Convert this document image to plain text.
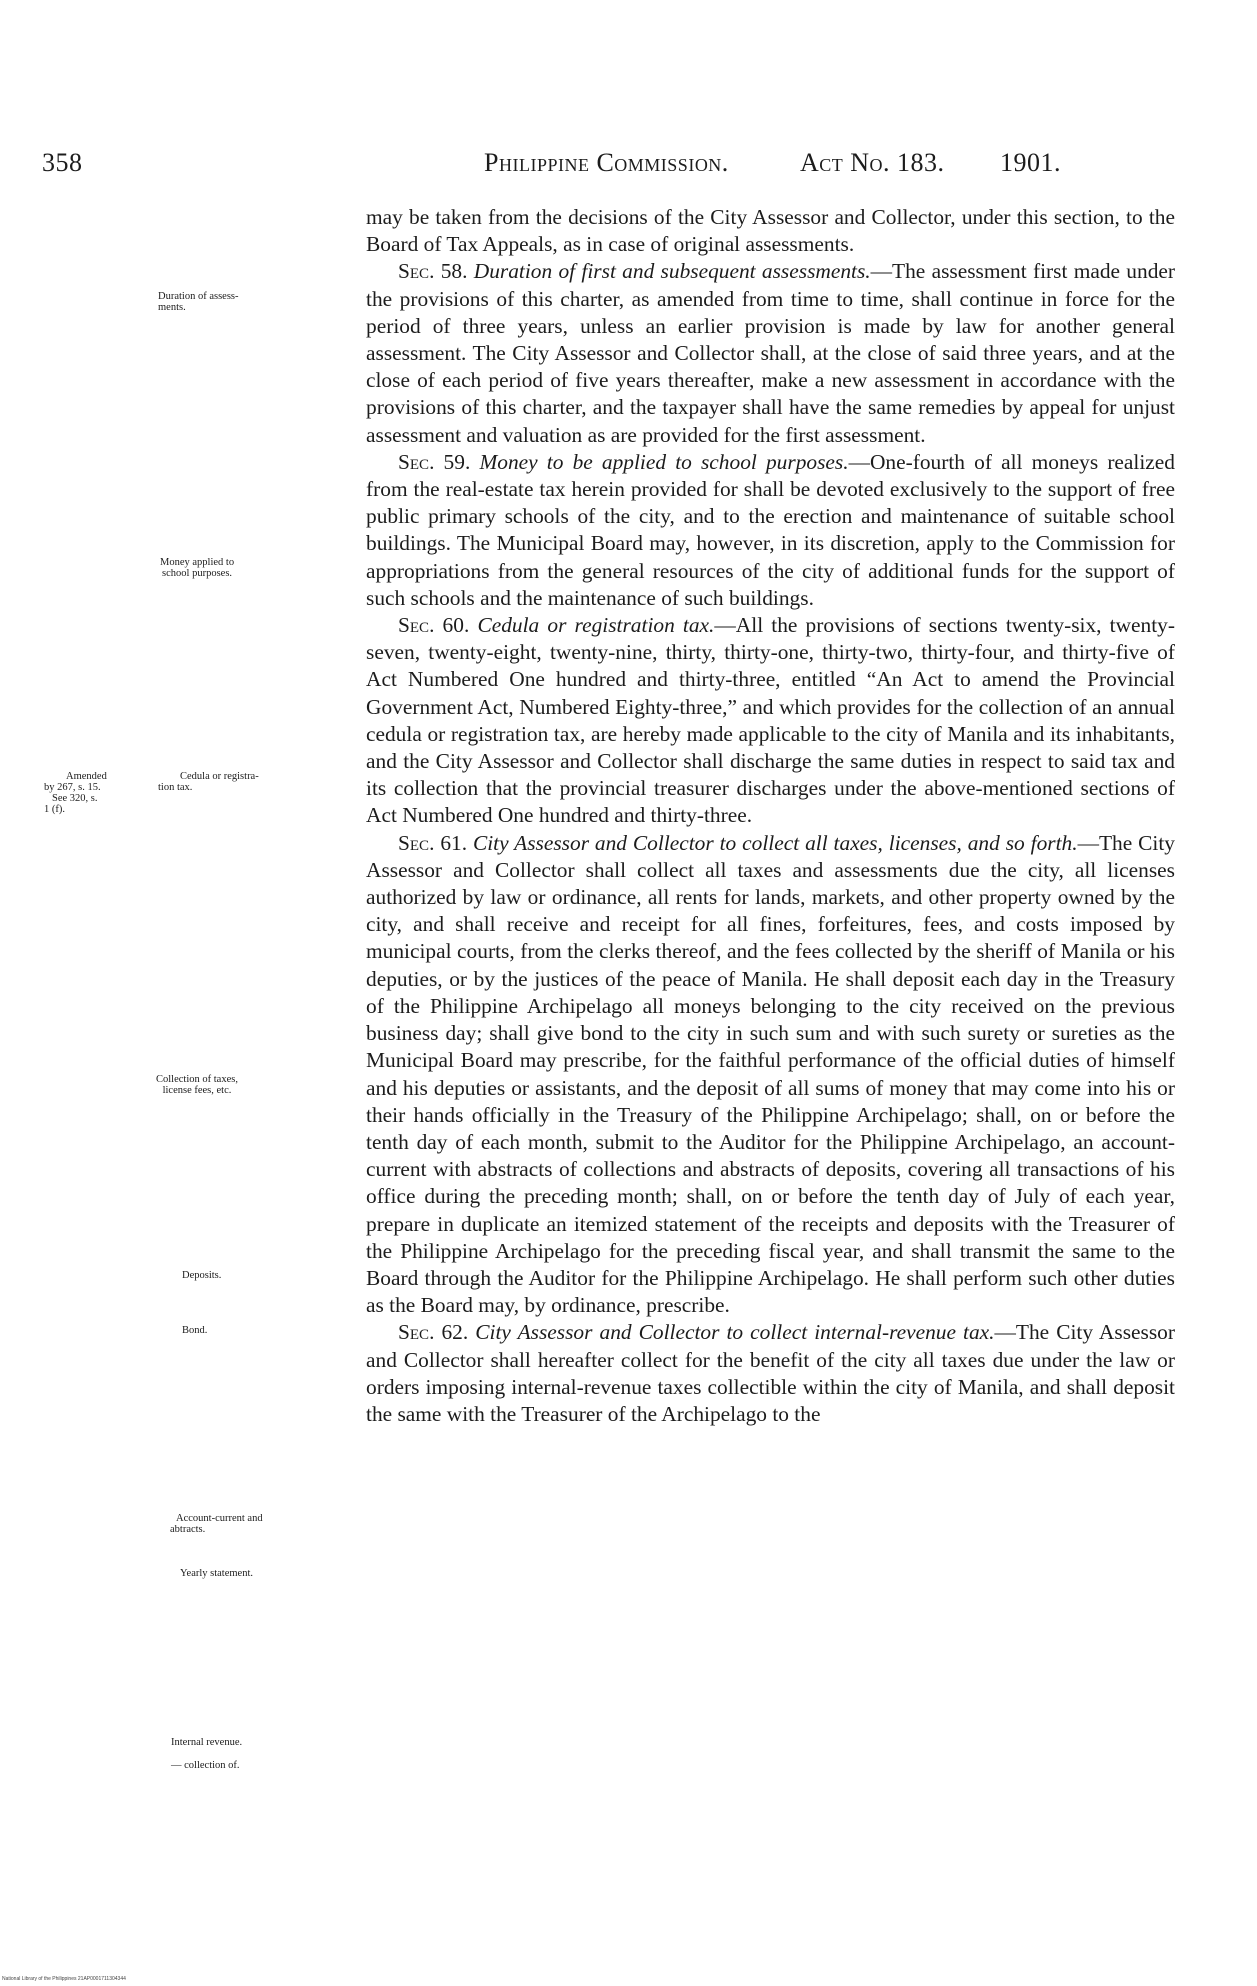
358	Philippine Commission.	Act No. 183. 1901.
Duration of assess-
ments.
Money applied to
school purposes.
Amended
by 267, s. 15.
See 320, s.
1 (f).
Cedula or registra-
tion tax.
Collection of taxes,
license fees, etc.
Deposits.
Bond.
Account-current and
abtracts.
Yearly statement.
Internal revenue.
— collection of.

may be taken from the decisions of the City Assessor and Collector, under this section, to the Board of Tax Appeals, as in case of original assessments.

Sec. 58. Duration of first and subsequent assessments.—The assessment first made under the provisions of this charter, as amended from time to time, shall continue in force for the period of three years, unless an earlier provision is made by law for another general assessment. The City Assessor and Collector shall, at the close of said three years, and at the close of each period of five years thereafter, make a new assessment in accordance with the provisions of this charter, and the taxpayer shall have the same remedies by appeal for unjust assessment and valuation as are provided for the first assessment.

Sec. 59. Money to be applied to school purposes.—One-fourth of all moneys realized from the real-estate tax herein provided for shall be devoted exclusively to the support of free public primary schools of the city, and to the erection and maintenance of suitable school buildings. The Municipal Board may, however, in its discretion, apply to the Commission for appropriations from the general resources of the city of additional funds for the support of such schools and the maintenance of such buildings.

Sec. 60. Cedula or registration tax.—All the provisions of sections twenty-six, twenty-seven, twenty-eight, twenty-nine, thirty, thirty-one, thirty-two, thirty-four, and thirty-five of Act Numbered One hundred and thirty-three, entitled “An Act to amend the Provincial Government Act, Numbered Eighty-three,” and which provides for the collection of an annual cedula or registration tax, are hereby made applicable to the city of Manila and its inhabitants, and the City Assessor and Collector shall discharge the same duties in respect to said tax and its collection that the provincial treasurer discharges under the above-mentioned sections of Act Numbered One hundred and thirty-three.

Sec. 61. City Assessor and Collector to collect all taxes, licenses, and so forth.—The City Assessor and Collector shall collect all taxes and assessments due the city, all licenses authorized by law or ordinance, all rents for lands, markets, and other property owned by the city, and shall receive and receipt for all fines, forfeitures, fees, and costs imposed by municipal courts, from the clerks thereof, and the fees collected by the sheriff of Manila or his deputies, or by the justices of the peace of Manila. He shall deposit each day in the Treasury of the Philippine Archipelago all moneys belonging to the city received on the previous business day; shall give bond to the city in such sum and with such surety or sureties as the Municipal Board may prescribe, for the faithful performance of the official duties of himself and his deputies or assistants, and the deposit of all sums of money that may come into his or their hands officially in the Treasury of the Philippine Archipelago; shall, on or before the tenth day of each month, submit to the Auditor for the Philippine Archipelago, an account-current with abstracts of collections and abstracts of deposits, covering all transactions of his office during the preceding month; shall, on or before the tenth day of July of each year, prepare in duplicate an itemized statement of the receipts and deposits with the Treasurer of the Philippine Archipelago for the preceding fiscal year, and shall transmit the same to the Board through the Auditor for the Philippine Archipelago. He shall perform such other duties as the Board may, by ordinance, prescribe.

Sec. 62. City Assessor and Collector to collect internal-revenue tax.—The City Assessor and Collector shall hereafter collect for the benefit of the city all taxes due under the law or orders imposing internal-revenue taxes collectible within the city of Manila, and shall deposit the same with the Treasurer of the Archipelago to the

National Library of the Philippines 21AP0001711304344
